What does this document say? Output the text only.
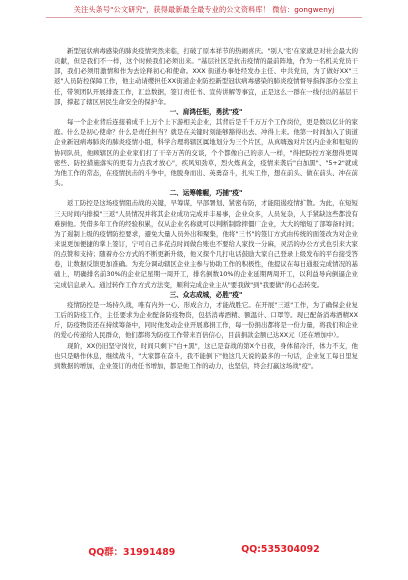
关注头条号"公文研究"，获得最新最全最专业的公文资料库！ 微信：gongwenyj

新型冠状病毒感染的肺炎疫情突然来临，打破了原本祥节的热闹喜庆。"别人'宅'在家就是对社会最大的贡献，但是我们不一样，这个时候我们必须出来。"基层社区是抗击疫情的最前阵地，作为一名机关党员干部，我们必须用激情和作为去诠释初心和使命。XXX 街道办事处经发办主任、中共党员，为了做好XX"三返"人员防控保障工作，他主动请缨担任XX街道企业防控新型冠状病毒感染的肺炎疫情督导指挥部办公室主任，带领团队开展排查工作，汇总数据，签订责任书、宣传讲解等事宜，正是这么一群在一线付出的基层干部，撑起了辖区居民生命安全的保护伞。

一、肩鸿任钜，勇扰"疫"

每一个企业背后连接着成千上万个上下游相关企业，其背后是千千万万个工作岗位，更是数以亿计的家庭。什么是初心使命？什么是责任担当？就是在关键时刻能够豁得出去、冲得上来。他第一时间加入了街道企业新冠病毒肺炎的肺炎疫情小组，科学合理将辖区属地划分为三个片区，从真嗨逸对片区内企业和租短的协同队员，他顾辖区的企业家们打了干辛万苦的交谈，个个都像自己的亲人一样，"得把防控方案想得更周密些、防控措施落实的更有力点我才放心"，疾风知劲草，烈火炼真金，疫情来袭后"白加黑"、"5+2"就成为他工作的常态，在疫情抗击的斗争中，他脱身而出、英勇奋斗，扎实工作，想在前头、做在前头、冲在前头。

二、运筹帷幄，巧捕"疫"

返工防控是这场疫情阻击战的关键，早筹谋，早部署划、紧密布防，才能阻遏疫情扩散。为此，在短短三天时间内排摸"三返"人员情况并将其企业成功完成并丰易事，企业众多，人员复杂，人手紧缺这些都没有难倒他。凭借多年工作的经验积累，仅从企业名称就可以判断制除摔僵厂企业，大大的缩短了部筹备时间；为了遏制上级的疫情防控要求，避免大量人员外出和聚集，他将"三书"的签订方式由传统的面签改为对企业来说更加便捷的掌上签订，宁可自己多花点时间做台账也不要给人家找一分麻，灵活的办公方式也引来大家的点赞和支持；随着办公方式的不断更新升级，他又探个几打电话鼓励大家自己登录上级发布的平台接受答卷，让数据反馈更加准确。为充分调动辖区企业主参与协助工作的积极性，他提议在每日通报完成情况的基础上，明确排名前30%的企业记星期一周开工，排名倒数10%的企业延期两周开工，以利益导向倒逼企业完成信息录入。通过转作工作方式方法变，顺利完成企业主从"要我做"到"我要做"的心态转变。

三、众志成城，必胜"疫"

疫情防控是一场持久战，唯有内外一心、形成合力，才能战胜它。在开展"三返"工作，为了确保企业复工后的防疫工作，主任要求为企业配备防疫物资，包括消毒酒精、额温计、口罩等。现已配备消毒酒精XX斤，防疫物资还在持续筹备中，同时他发动企业开展募捐工作，每一份捐出都将是一份力量，将我们和企业的爱心传递给人民群众，他们都将为防疫工作带来百倍信心，目前捐款金额已达XX元（还在增加中）。

现阶，XX仍旧坚守岗位，时间只剩下"白+黑"，这已是奋战的第X个日夜，身体留冷汗，体力不支，他也只是略作休息，继续战斗，"大家都在奋斗，我不能倒下"他这几天说的最多的一句话，企业复工每日里复到数据的增加，企业签订的责任书增加，都是他工作的动力，也坚信，终会打赢这场战"疫"。

QQ群：31991489	QQ:535304092
